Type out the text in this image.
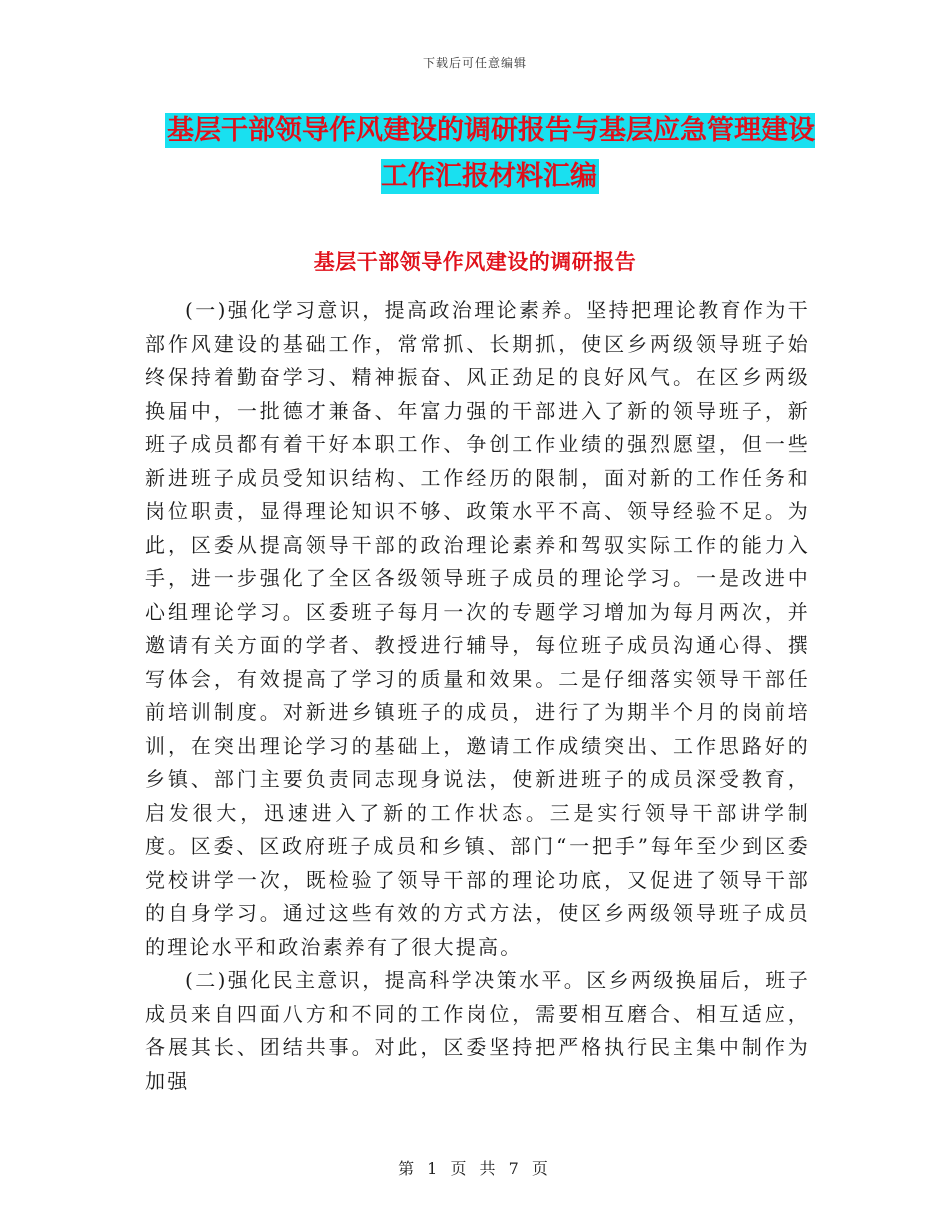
下载后可任意编辑
基层干部领导作风建设的调研报告与基层应急管理建设工作汇报材料汇编
基层干部领导作风建设的调研报告

(一)强化学习意识，提高政治理论素养。坚持把理论教育作为干部作风建设的基础工作，常常抓、长期抓，使区乡两级领导班子始终保持着勤奋学习、精神振奋、风正劲足的良好风气。在区乡两级换届中，一批德才兼备、年富力强的干部进入了新的领导班子，新班子成员都有着干好本职工作、争创工作业绩的强烈愿望，但一些新进班子成员受知识结构、工作经历的限制，面对新的工作任务和岗位职责，显得理论知识不够、政策水平不高、领导经验不足。为此，区委从提高领导干部的政治理论素养和驾驭实际工作的能力入手，进一步强化了全区各级领导班子成员的理论学习。一是改进中心组理论学习。区委班子每月一次的专题学习增加为每月两次，并邀请有关方面的学者、教授进行辅导，每位班子成员沟通心得、撰写体会，有效提高了学习的质量和效果。二是仔细落实领导干部任前培训制度。对新进乡镇班子的成员，进行了为期半个月的岗前培训，在突出理论学习的基础上，邀请工作成绩突出、工作思路好的乡镇、部门主要负责同志现身说法，使新进班子的成员深受教育，启发很大，迅速进入了新的工作状态。三是实行领导干部讲学制度。区委、区政府班子成员和乡镇、部门“一把手”每年至少到区委党校讲学一次，既检验了领导干部的理论功底，又促进了领导干部的自身学习。通过这些有效的方式方法，使区乡两级领导班子成员的理论水平和政治素养有了很大提高。

(二)强化民主意识，提高科学决策水平。区乡两级换届后，班子成员来自四面八方和不同的工作岗位，需要相互磨合、相互适应，各展其长、团结共事。对此，区委坚持把严格执行民主集中制作为加强

第 1 页 共 7 页
